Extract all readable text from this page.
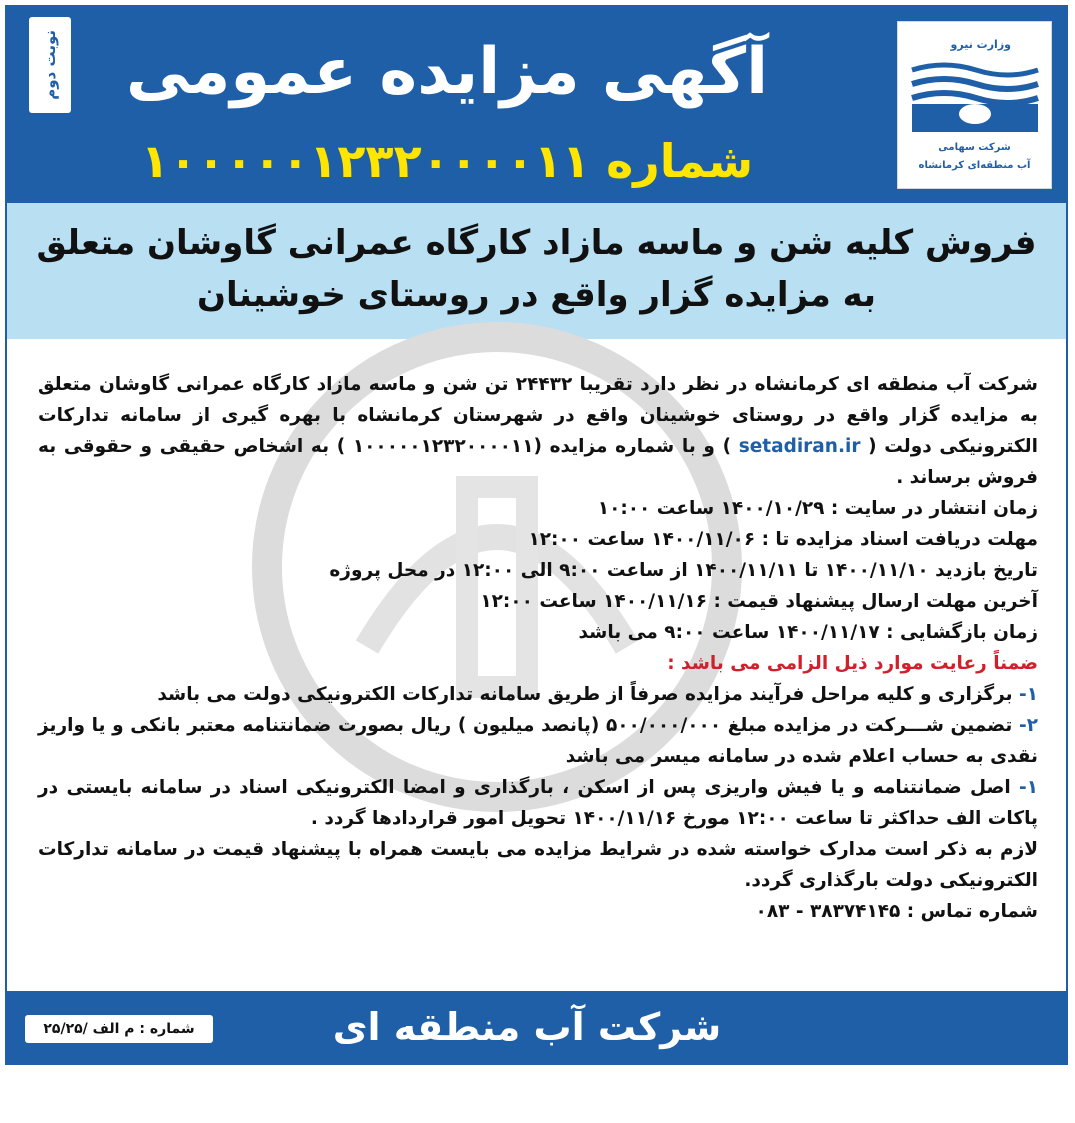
نوبت دوم	آگهی مزایده عمومی
شماره ۱۰۰۰۰۰۱۲۳۲۰۰۰۰۱۱
وزارت نیرو
شرکت سهامی
آب منطقه‌ای کرمانشاه
فروش کلیه شن و ماسه مازاد کارگاه عمرانی گاوشان متعلق به مزایده گزار واقع در روستای خوشینان

شرکت آب منطقه ای کرمانشاه در نظر دارد تقریبا ۲۴۴۳۲ تن شن و ماسه مازاد کارگاه عمرانی گاوشان متعلق به مزایده گزار واقع در روستای خوشینان واقع در شهرستان کرمانشاه با بهره گیری از سامانه تدارکات الکترونیکی دولت ( setadiran.ir ) و با شماره مزایده (۱۰۰۰۰۰۱۲۳۲۰۰۰۰۱۱ ) به اشخاص حقیقی و حقوقی به فروش برساند .

زمان انتشار در سایت : ۱۴۰۰/۱۰/۲۹ ساعت ۱۰:۰۰

مهلت دریافت اسناد مزایده تا : ۱۴۰۰/۱۱/۰۶ ساعت ۱۲:۰۰

تاریخ بازدید ۱۴۰۰/۱۱/۱۰ تا ۱۴۰۰/۱۱/۱۱ از ساعت ۹:۰۰ الی ۱۲:۰۰ در محل پروژه

آخرین مهلت ارسال پیشنهاد قیمت : ۱۴۰۰/۱۱/۱۶ ساعت ۱۲:۰۰

زمان بازگشایی : ۱۴۰۰/۱۱/۱۷ ساعت ۹:۰۰ می باشد

ضمناً رعایت موارد ذیل الزامی می باشد :

۱- برگزاری و کلیه مراحل فرآیند مزایده صرفاً از طریق سامانه تدارکات الکترونیکی دولت می باشد

۲- تضمین شـــرکت در مزایده مبلغ ۵۰۰/۰۰۰/۰۰۰ (پانصد میلیون ) ریال بصورت ضمانتنامه معتبر بانکی و یا واریز نقدی به حساب اعلام شده در سامانه میسر می باشد

۱- اصل ضمانتنامه و یا فیش واریزی پس از اسکن ، بارگذاری و امضا الکترونیکی اسناد در سامانه بایستی در پاکات الف حداکثر تا ساعت ۱۲:۰۰ مورخ ۱۴۰۰/۱۱/۱۶ تحویل امور قراردادها گردد .

لازم به ذکر است مدارک خواسته شده در شرایط مزایده می بایست همراه با پیشنهاد قیمت در سامانه تدارکات الکترونیکی دولت بارگذاری گردد.

شماره تماس : ۳۸۳۷۴۱۴۵ - ۰۸۳

شرکت آب منطقه ای کرمانشاه
شماره : م الف /۲۵/۲۵
